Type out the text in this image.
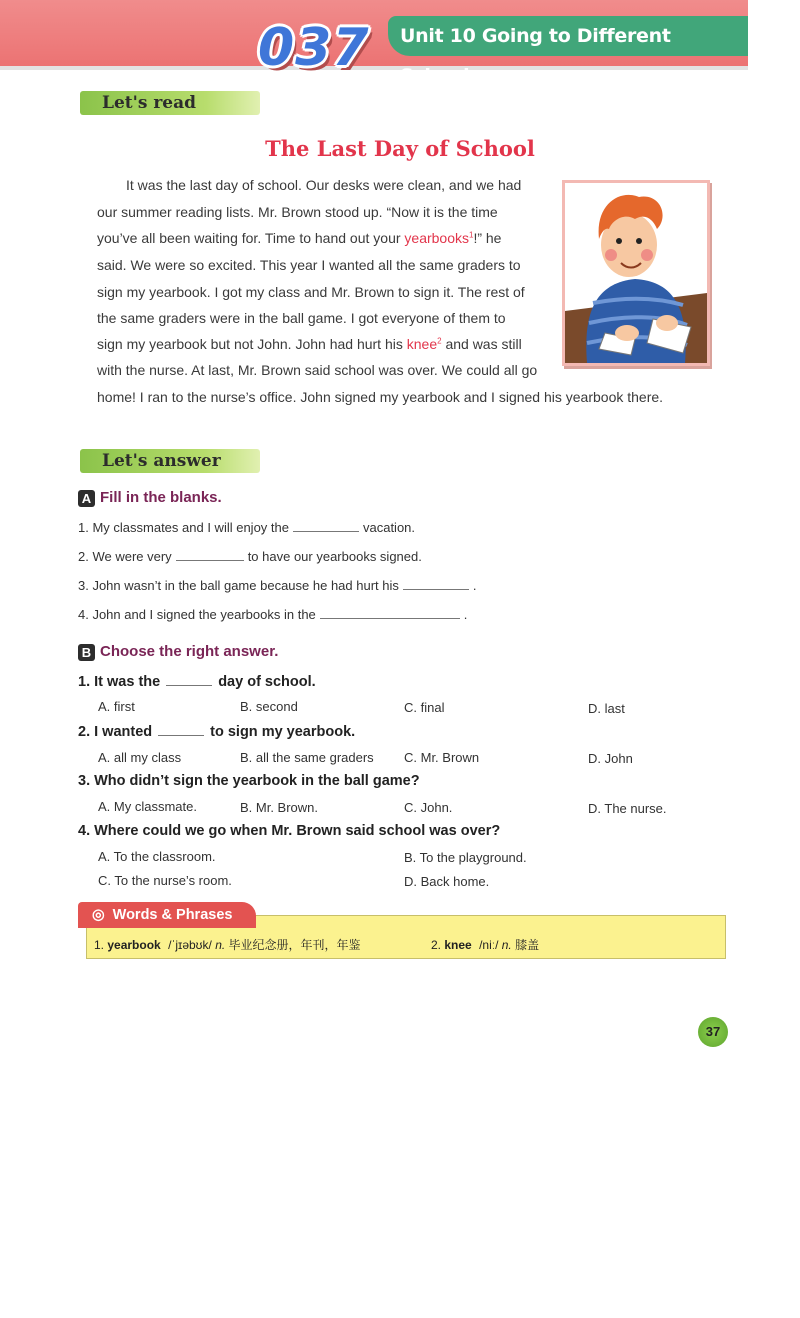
037	Unit 10 Going to Different Schools
Let's read
The Last Day of School
It was the last day of school. Our desks were clean, and we had
our summer reading lists. Mr. Brown stood up. “Now it is the time
you’ve all been waiting for. Time to hand out your yearbooks$^1$!” he
said. We were so excited. This year I wanted all the same graders to
sign my yearbook. I got my class and Mr. Brown to sign it. The rest of
the same graders were in the ball game. I got everyone of them to
sign my yearbook but not John. John had hurt his knee$^2$ and was still
with the nurse. At last, Mr. Brown said school was over. We could all go
home! I ran to the nurse’s office. John signed my yearbook and I signed his yearbook there.
Let's answer
A Fill in the blanks.
1. My classmates and I will enjoy the	vacation.
2. We were very	to have our yearbooks signed.
3. John wasn’t in the ball game because he had hurt his	.
4. John and I signed the yearbooks in the	.
B Choose the right answer.
1. It was the	day of school.
A. first	B. second	C. final	D. last
2. I wanted	to sign my yearbook.
A. all my class	B. all the same graders C. Mr. Brown	D. John
3. Who didn’t sign the yearbook in the ball game?
A. My classmate.	B. Mr. Brown.	C. John.	D. The nurse.
4. Where could we go when Mr. Brown said school was over?
A. To the classroom.	B. To the playground.
C. To the nurse’s room.	D. Back home.
◎ Words & Phrases
1. yearbook /ˈjɪəbʊk/ n. 毕业纪念册，年刊，年鉴	2. knee /niː/ n. 膝盖
37
